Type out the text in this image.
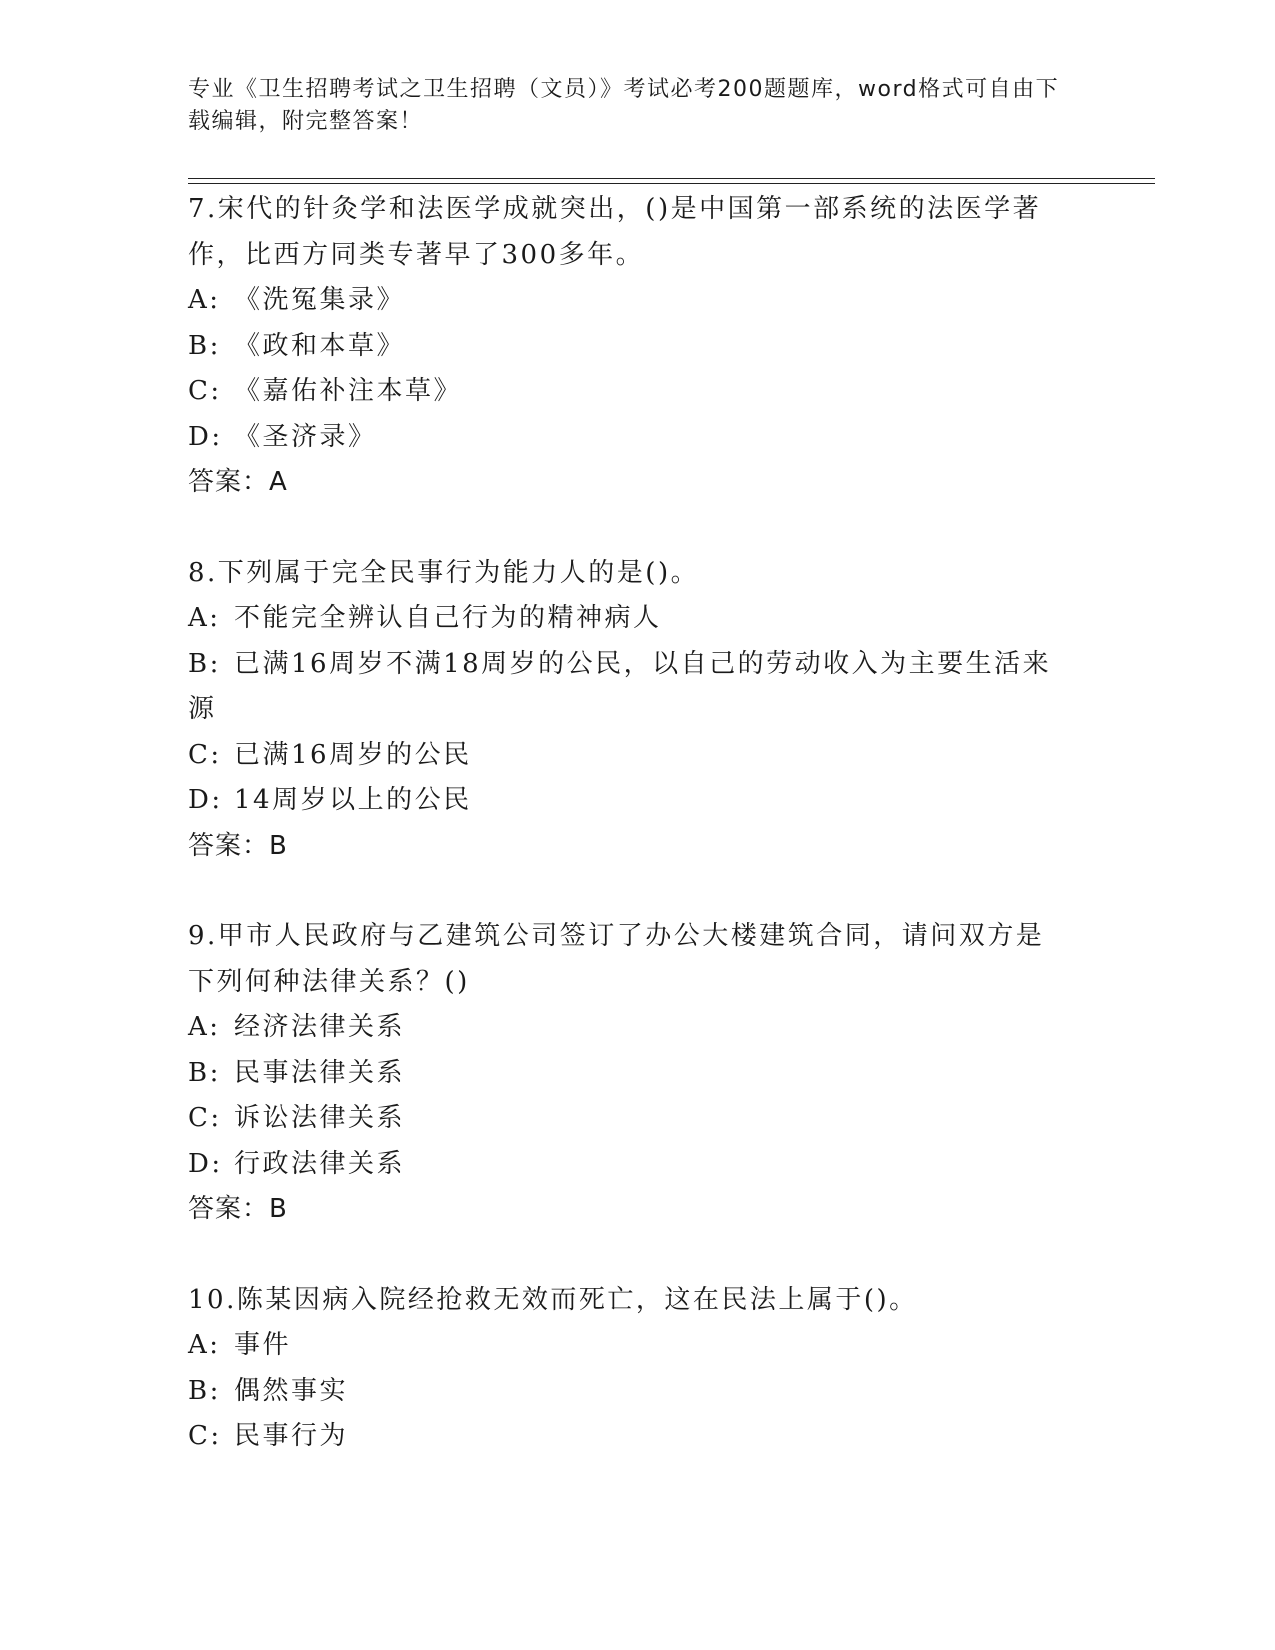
专业《卫生招聘考试之卫生招聘（文员）》考试必考200题题库，word格式可自由下载编辑，附完整答案！
7.宋代的针灸学和法医学成就突出，()是中国第一部系统的法医学著作，比西方同类专著早了300多年。
A: 《洗冤集录》
B: 《政和本草》
C: 《嘉佑补注本草》
D: 《圣济录》
答案：A
8.下列属于完全民事行为能力人的是()。
A: 不能完全辨认自己行为的精神病人
B: 已满16周岁不满18周岁的公民，以自己的劳动收入为主要生活来源
C: 已满16周岁的公民
D: 14周岁以上的公民
答案：B
9.甲市人民政府与乙建筑公司签订了办公大楼建筑合同，请问双方是下列何种法律关系？()
A: 经济法律关系
B: 民事法律关系
C: 诉讼法律关系
D: 行政法律关系
答案：B
10.陈某因病入院经抢救无效而死亡，这在民法上属于()。
A: 事件
B: 偶然事实
C: 民事行为
